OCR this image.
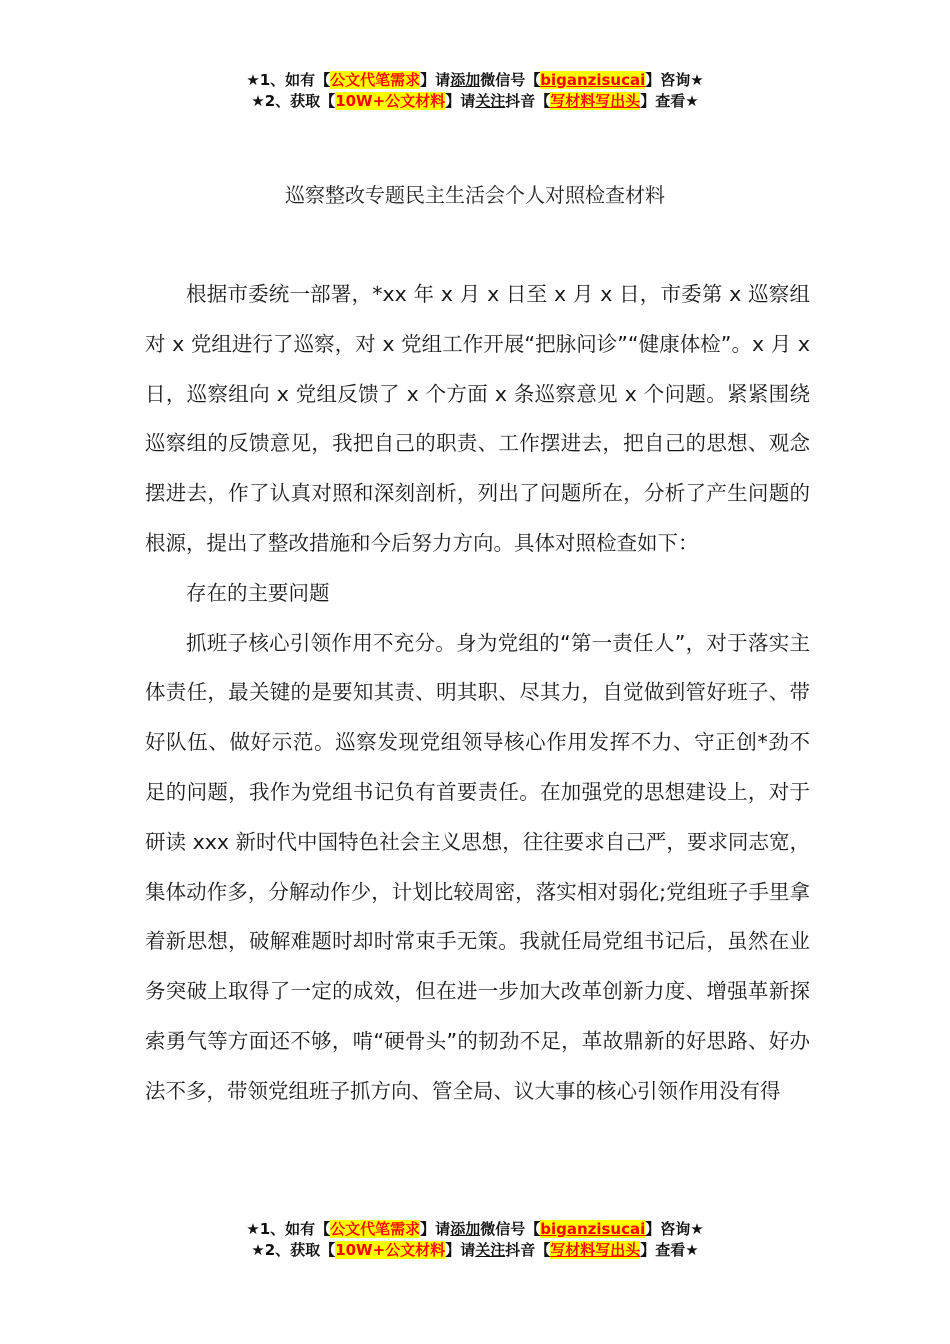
★1、如有【公文代笔需求】请添加微信号【biganzisucai】咨询★
★2、获取【10W+公文材料】请关注抖音【写材料写出头】查看★
巡察整改专题民主生活会个人对照检查材料

根据市委统一部署，*xx 年 x 月 x 日至 x 月 x 日，市委第 x 巡察组对 x 党组进行了巡察，对 x 党组工作开展“把脉问诊”“健康体检”。x 月 x 日，巡察组向 x 党组反馈了 x 个方面 x 条巡察意见 x 个问题。紧紧围绕巡察组的反馈意见，我把自己的职责、工作摆进去，把自己的思想、观念摆进去，作了认真对照和深刻剖析，列出了问题所在，分析了产生问题的根源，提出了整改措施和今后努力方向。具体对照检查如下：

存在的主要问题

抓班子核心引领作用不充分。身为党组的“第一责任人”，对于落实主体责任，最关键的是要知其责、明其职、尽其力，自觉做到管好班子、带好队伍、做好示范。巡察发现党组领导核心作用发挥不力、守正创*劲不足的问题，我作为党组书记负有首要责任。在加强党的思想建设上，对于研读 xxx 新时代中国特色社会主义思想，往往要求自己严，要求同志宽，集体动作多，分解动作少，计划比较周密，落实相对弱化;党组班子手里拿着新思想，破解难题时却时常束手无策。我就任局党组书记后，虽然在业务突破上取得了一定的成效，但在进一步加大改革创新力度、增强革新探索勇气等方面还不够，啃“硬骨头”的韧劲不足，革故鼎新的好思路、好办法不多，带领党组班子抓方向、管全局、议大事的核心引领作用没有得

★1、如有【公文代笔需求】请添加微信号【biganzisucai】咨询★
★2、获取【10W+公文材料】请关注抖音【写材料写出头】查看★
